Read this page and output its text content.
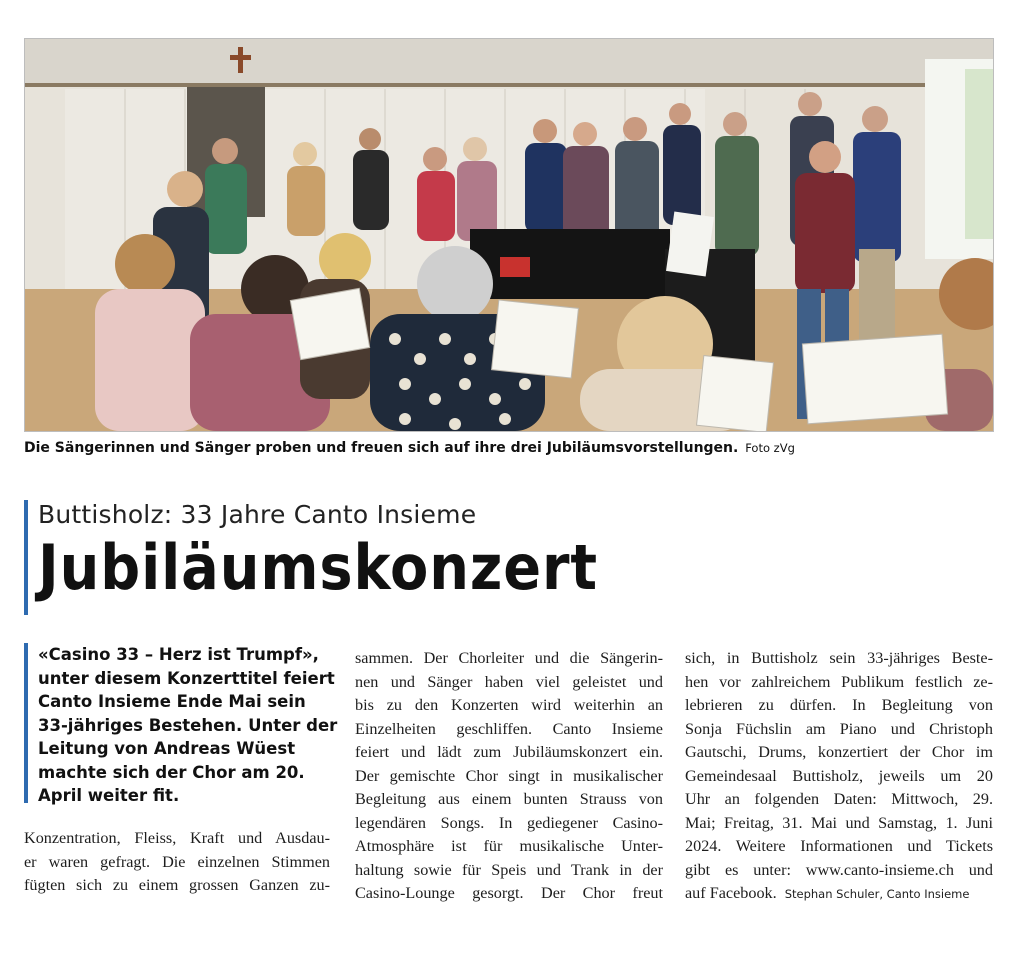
Die Sängerinnen und Sänger proben und freuen sich auf ihre drei Jubiläumsvorstellungen. Foto zVg
Buttisholz: 33 Jahre Canto Insieme
Jubiläumskonzert

«Casino 33 – Herz ist Trumpf»,
unter diesem Konzerttitel feiert
Canto Insieme Ende Mai sein
33-jähriges Bestehen. Unter der
Leitung von Andreas Wüest
machte sich der Chor am 20.
April weiter fit.

Konzentration, Fleiss, Kraft und Ausdau-
er waren gefragt. Die einzelnen Stimmen
fügten sich zu einem grossen Ganzen zu-
sammen. Der Chorleiter und die Sängerin-
nen und Sänger haben viel geleistet und
bis zu den Konzerten wird weiterhin an
Einzelheiten geschliffen. Canto Insieme
feiert und lädt zum Jubiläumskonzert ein.
Der gemischte Chor singt in musikalischer
Begleitung aus einem bunten Strauss von
legendären Songs. In gediegener Casino-
Atmosphäre ist für musikalische Unter-
haltung sowie für Speis und Trank in der
Casino-Lounge gesorgt. Der Chor freut
sich, in Buttisholz sein 33-jähriges Beste-
hen vor zahlreichem Publikum festlich ze-
lebrieren zu dürfen. In Begleitung von
Sonja Füchslin am Piano und Christoph
Gautschi, Drums, konzertiert der Chor im
Gemeindesaal Buttisholz, jeweils um 20
Uhr an folgenden Daten: Mittwoch, 29.
Mai; Freitag, 31. Mai und Samstag, 1. Juni
2024. Weitere Informationen und Tickets
gibt es unter: www.canto-insieme.ch und
auf Facebook. Stephan Schuler, Canto Insieme
